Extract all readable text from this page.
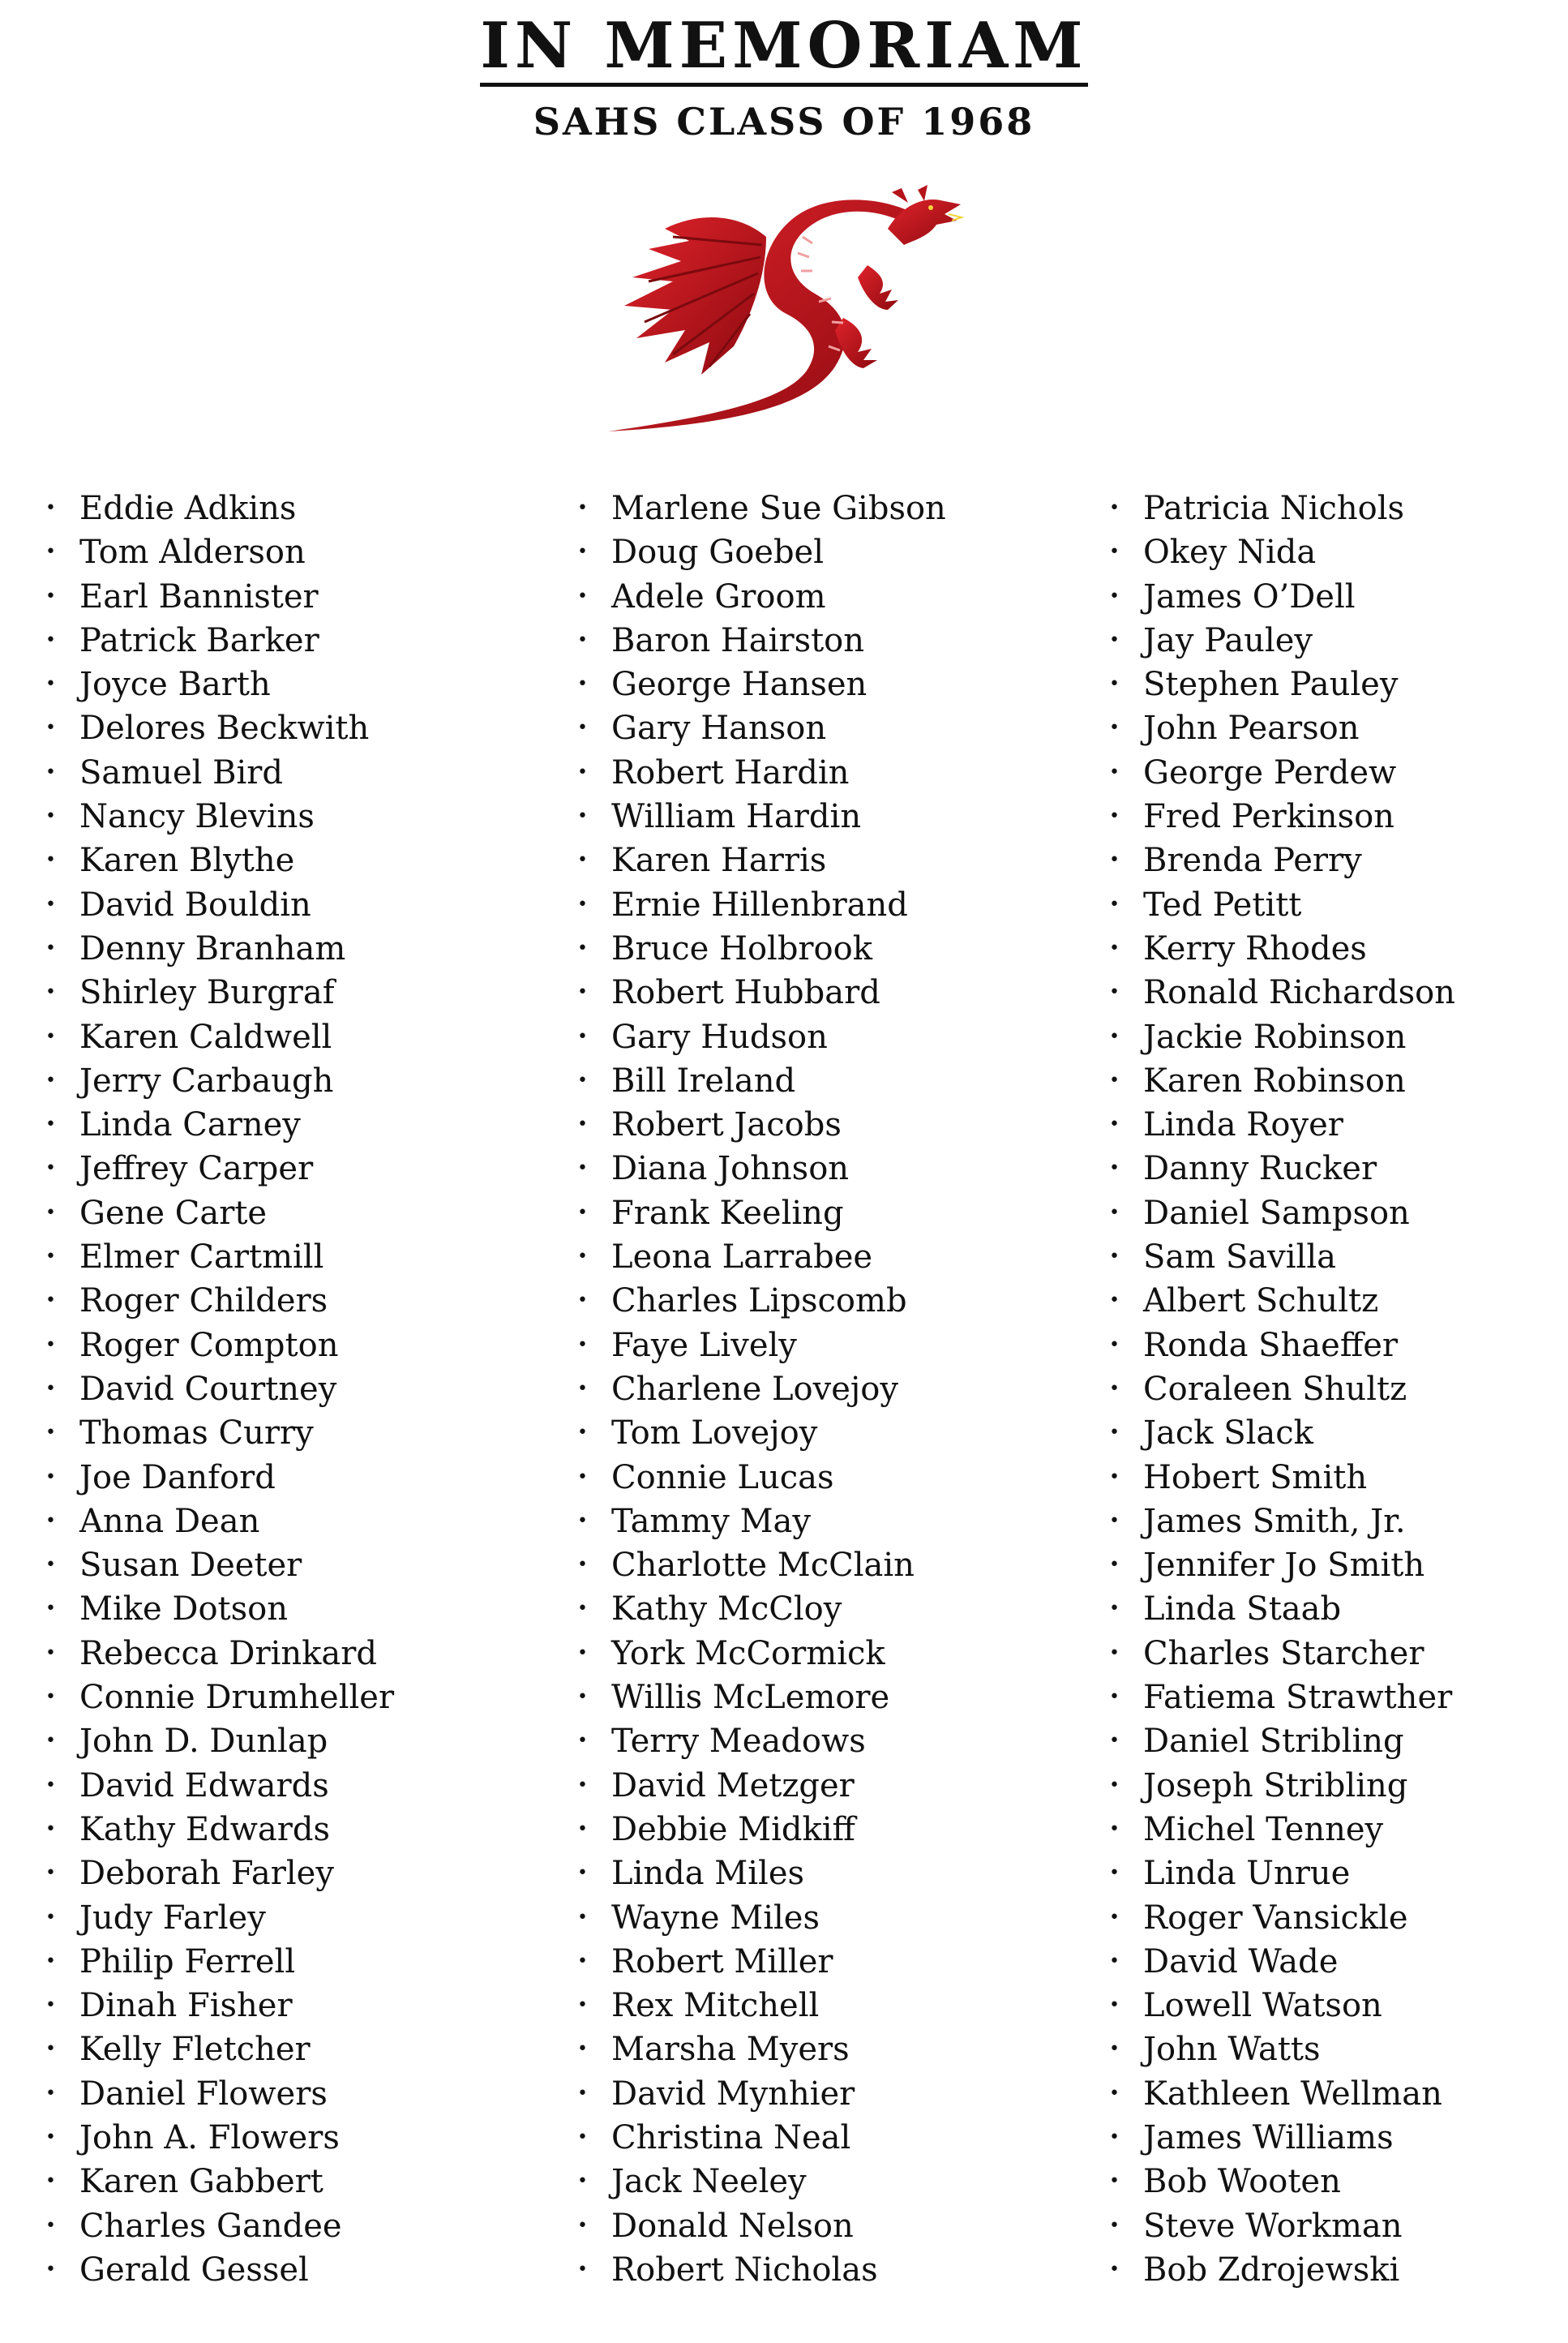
IN MEMORIAM
SAHS CLASS OF 1968
• Eddie Adkins
• Tom Alderson
• Earl Bannister
• Patrick Barker
• Joyce Barth
• Delores Beckwith
• Samuel Bird
• Nancy Blevins
• Karen Blythe
• David Bouldin
• Denny Branham
• Shirley Burgraf
• Karen Caldwell
• Jerry Carbaugh
• Linda Carney
• Jeffrey Carper
• Gene Carte
• Elmer Cartmill
• Roger Childers
• Roger Compton
• David Courtney
• Thomas Curry
• Joe Danford
• Anna Dean
• Susan Deeter
• Mike Dotson
• Rebecca Drinkard
• Connie Drumheller
• John D. Dunlap
• David Edwards
• Kathy Edwards
• Deborah Farley
• Judy Farley
• Philip Ferrell
• Dinah Fisher
• Kelly Fletcher
• Daniel Flowers
• John A. Flowers
• Karen Gabbert
• Charles Gandee
• Gerald Gessel
• Marlene Sue Gibson
• Doug Goebel
• Adele Groom
• Baron Hairston
• George Hansen
• Gary Hanson
• Robert Hardin
• William Hardin
• Karen Harris
• Ernie Hillenbrand
• Bruce Holbrook
• Robert Hubbard
• Gary Hudson
• Bill Ireland
• Robert Jacobs
• Diana Johnson
• Frank Keeling
• Leona Larrabee
• Charles Lipscomb
• Faye Lively
• Charlene Lovejoy
• Tom Lovejoy
• Connie Lucas
• Tammy May
• Charlotte McClain
• Kathy McCloy
• York McCormick
• Willis McLemore
• Terry Meadows
• David Metzger
• Debbie Midkiff
• Linda Miles
• Wayne Miles
• Robert Miller
• Rex Mitchell
• Marsha Myers
• David Mynhier
• Christina Neal
• Jack Neeley
• Donald Nelson
• Robert Nicholas
• Patricia Nichols
• Okey Nida
• James O’Dell
• Jay Pauley
• Stephen Pauley
• John Pearson
• George Perdew
• Fred Perkinson
• Brenda Perry
• Ted Petitt
• Kerry Rhodes
• Ronald Richardson
• Jackie Robinson
• Karen Robinson
• Linda Royer
• Danny Rucker
• Daniel Sampson
• Sam Savilla
• Albert Schultz
• Ronda Shaeffer
• Coraleen Shultz
• Jack Slack
• Hobert Smith
• James Smith, Jr.
• Jennifer Jo Smith
• Linda Staab
• Charles Starcher
• Fatiema Strawther
• Daniel Stribling
• Joseph Stribling
• Michel Tenney
• Linda Unrue
• Roger Vansickle
• David Wade
• Lowell Watson
• John Watts
• Kathleen Wellman
• James Williams
• Bob Wooten
• Steve Workman
• Bob Zdrojewski
